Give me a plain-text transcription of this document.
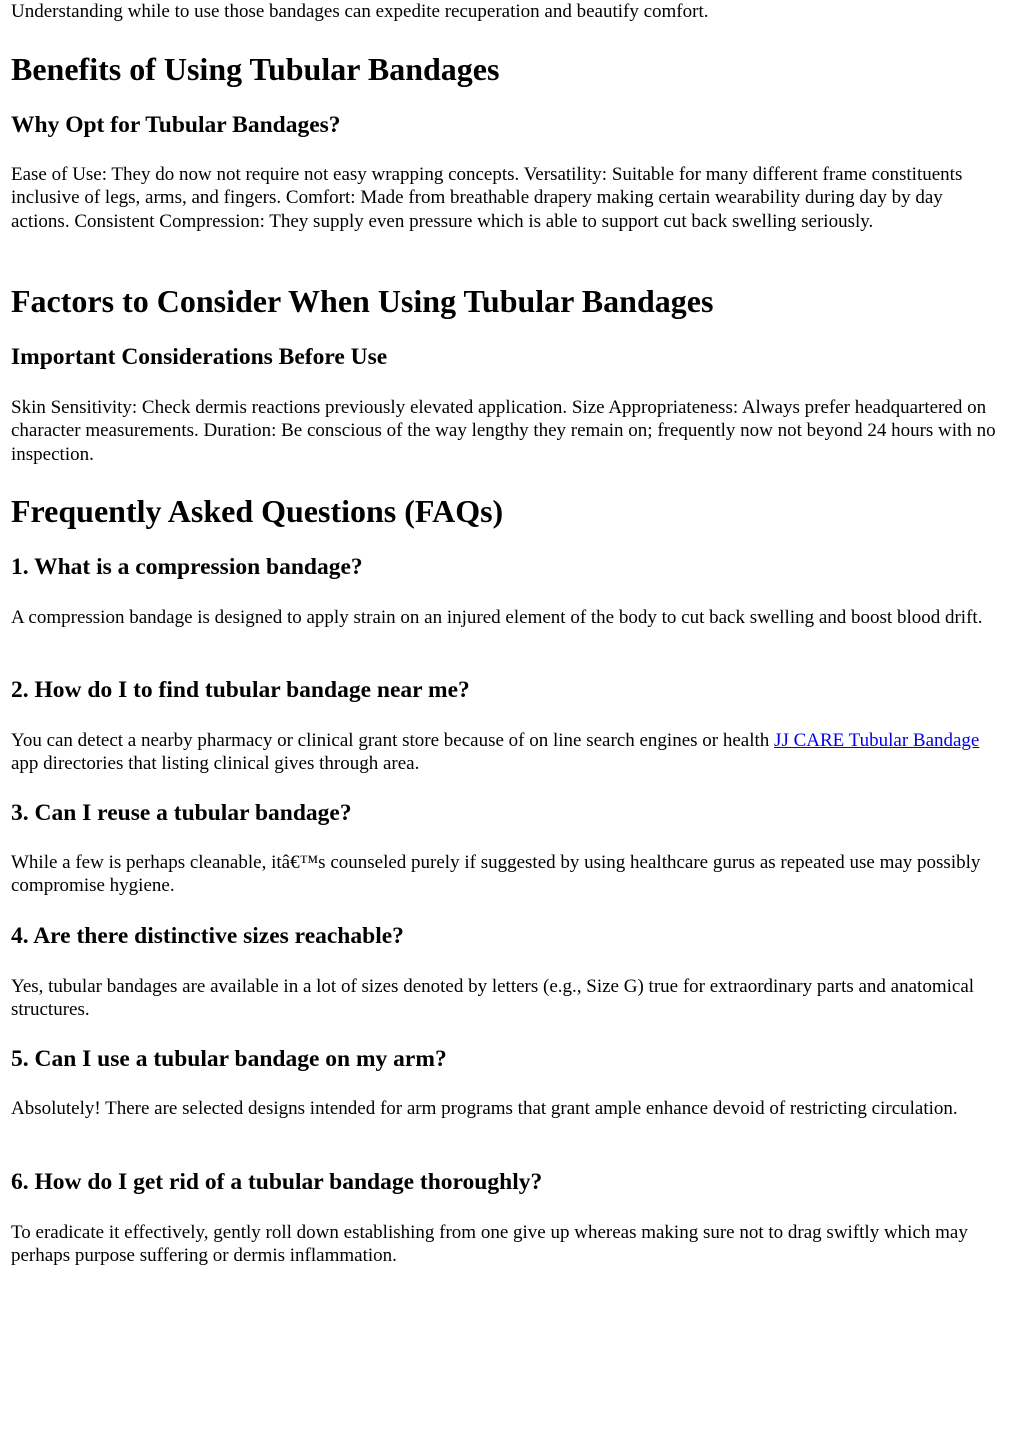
Understanding while to use those bandages can expedite recuperation and beautify comfort.

Benefits of Using Tubular Bandages
Why Opt for Tubular Bandages?

Ease of Use: They do now not require not easy wrapping concepts. Versatility: Suitable for many different frame constituents inclusive of legs, arms, and fingers. Comfort: Made from breathable drapery making certain wearability during day by day actions. Consistent Compression: They supply even pressure which is able to support cut back swelling seriously.

Factors to Consider When Using Tubular Bandages
Important Considerations Before Use

Skin Sensitivity: Check dermis reactions previously elevated application. Size Appropriateness: Always prefer headquartered on character measurements. Duration: Be conscious of the way lengthy they remain on; frequently now not beyond 24 hours with no inspection.

Frequently Asked Questions (FAQs)
1. What is a compression bandage?

A compression bandage is designed to apply strain on an injured element of the body to cut back swelling and boost blood drift.

2. How do I to find tubular bandage near me?

You can detect a nearby pharmacy or clinical grant store because of on line search engines or health JJ CARE Tubular Bandage app directories that listing clinical gives through area.

3. Can I reuse a tubular bandage?

While a few is perhaps cleanable, itâ€™s counseled purely if suggested by using healthcare gurus as repeated use may possibly compromise hygiene.

4. Are there distinctive sizes reachable?

Yes, tubular bandages are available in a lot of sizes denoted by letters (e.g., Size G) true for extraordinary parts and anatomical structures.

5. Can I use a tubular bandage on my arm?

Absolutely! There are selected designs intended for arm programs that grant ample enhance devoid of restricting circulation.

6. How do I get rid of a tubular bandage thoroughly?

To eradicate it effectively, gently roll down establishing from one give up whereas making sure not to drag swiftly which may perhaps purpose suffering or dermis inflammation.
